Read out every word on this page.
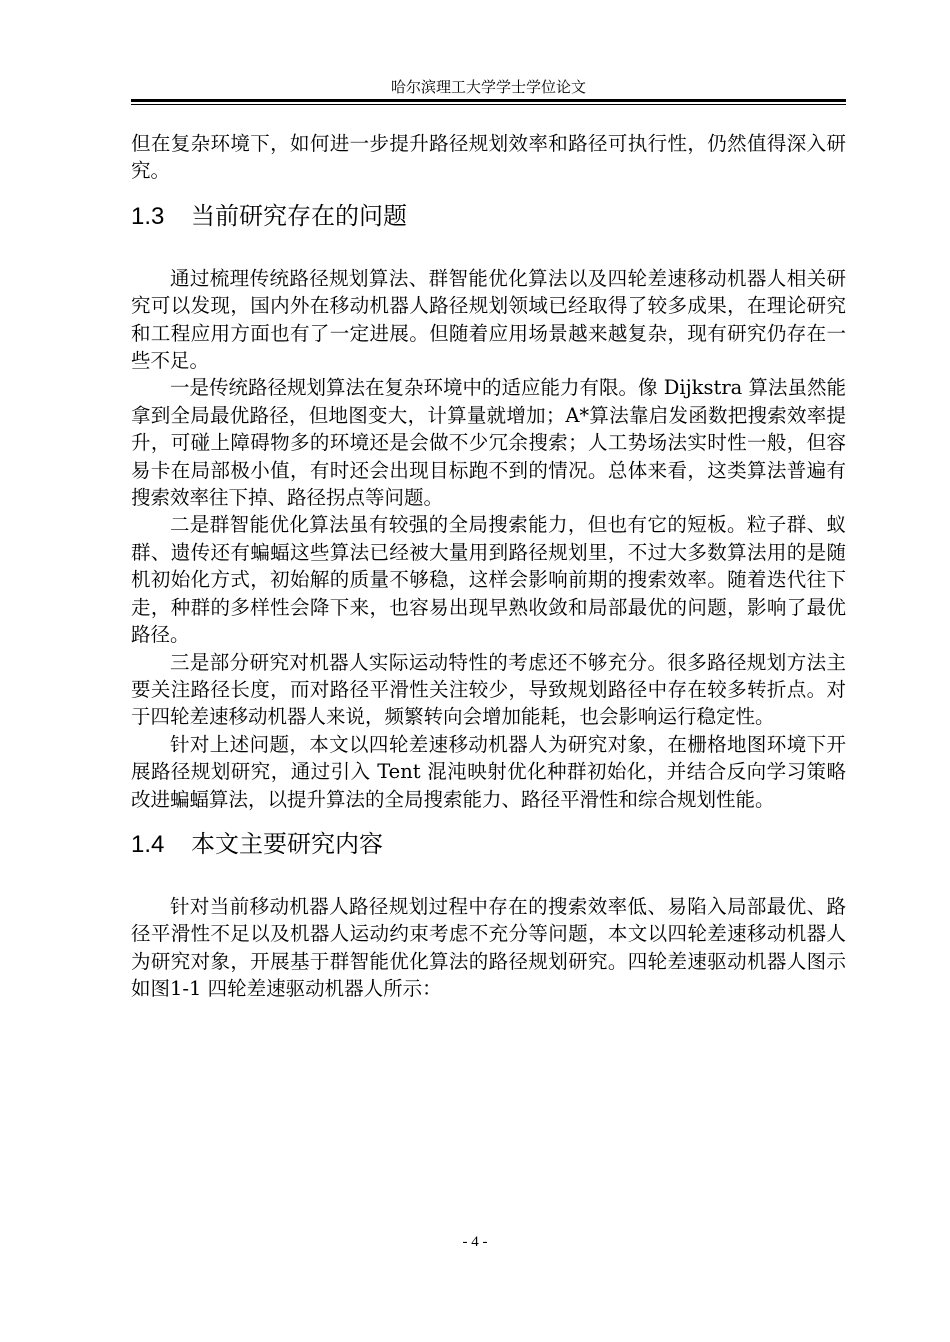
哈尔滨理工大学学士学位论文

但在复杂环境下，如何进一步提升路径规划效率和路径可执行性，仍然值得深入研究。

1.3 当前研究存在的问题

通过梳理传统路径规划算法、群智能优化算法以及四轮差速移动机器人相关研究可以发现，国内外在移动机器人路径规划领域已经取得了较多成果，在理论研究和工程应用方面也有了一定进展。但随着应用场景越来越复杂，现有研究仍存在一些不足。

一是传统路径规划算法在复杂环境中的适应能力有限。像 Dijkstra 算法虽然能拿到全局最优路径，但地图变大，计算量就增加；A*算法靠启发函数把搜索效率提升，可碰上障碍物多的环境还是会做不少冗余搜索；人工势场法实时性一般，但容易卡在局部极小值，有时还会出现目标跑不到的情况。总体来看，这类算法普遍有搜索效率往下掉、路径拐点等问题。

二是群智能优化算法虽有较强的全局搜索能力，但也有它的短板。粒子群、蚁群、遗传还有蝙蝠这些算法已经被大量用到路径规划里，不过大多数算法用的是随机初始化方式，初始解的质量不够稳，这样会影响前期的搜索效率。随着迭代往下走，种群的多样性会降下来，也容易出现早熟收敛和局部最优的问题，影响了最优路径。

三是部分研究对机器人实际运动特性的考虑还不够充分。很多路径规划方法主要关注路径长度，而对路径平滑性关注较少，导致规划路径中存在较多转折点。对于四轮差速移动机器人来说，频繁转向会增加能耗，也会影响运行稳定性。

针对上述问题，本文以四轮差速移动机器人为研究对象，在栅格地图环境下开展路径规划研究，通过引入 Tent 混沌映射优化种群初始化，并结合反向学习策略改进蝙蝠算法，以提升算法的全局搜索能力、路径平滑性和综合规划性能。

1.4 本文主要研究内容

针对当前移动机器人路径规划过程中存在的搜索效率低、易陷入局部最优、路径平滑性不足以及机器人运动约束考虑不充分等问题，本文以四轮差速移动机器人为研究对象，开展基于群智能优化算法的路径规划研究。四轮差速驱动机器人图示如图1-1 四轮差速驱动机器人所示：

- 4 -
